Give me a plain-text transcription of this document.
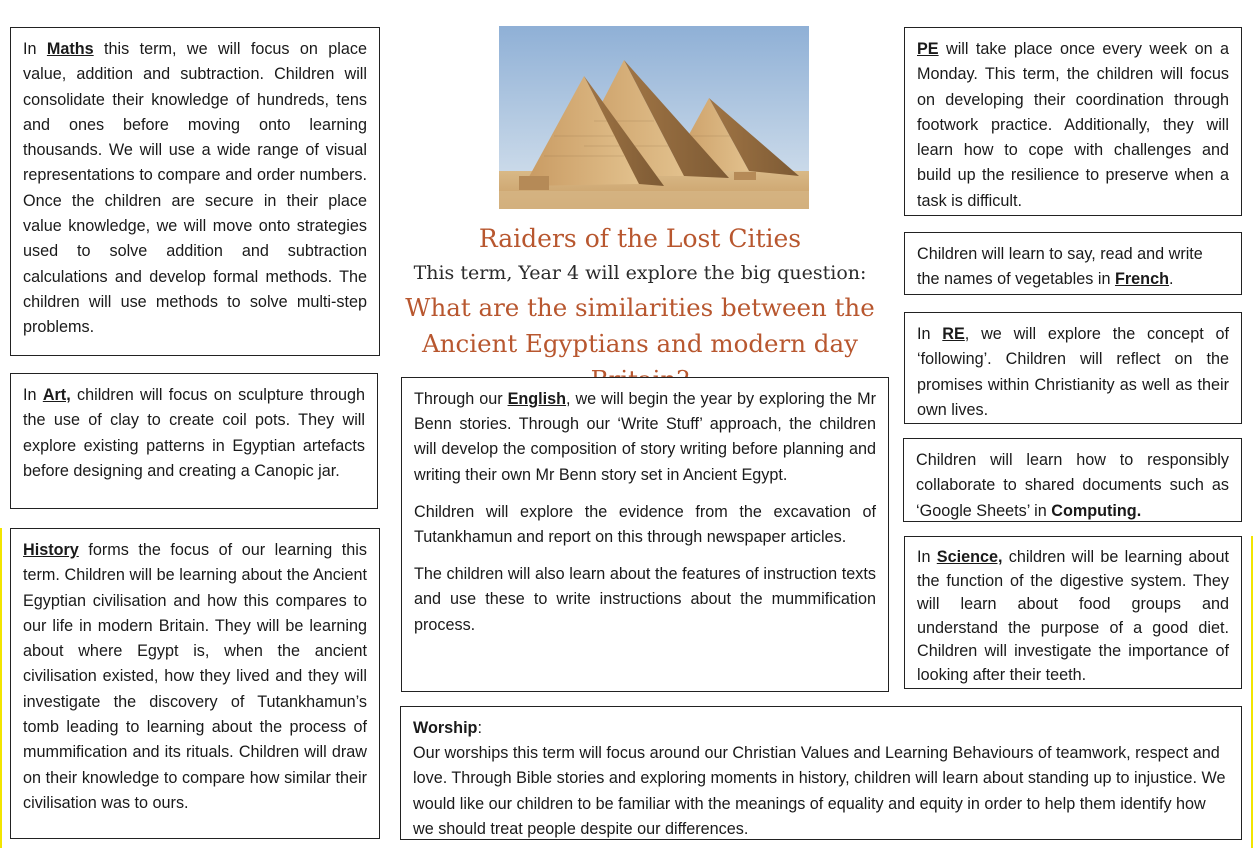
In Maths this term, we will focus on place value, addition and subtraction. Children will consolidate their knowledge of hundreds, tens and ones before moving onto learning thousands. We will use a wide range of visual representations to compare and order numbers. Once the children are secure in their place value knowledge, we will move onto strategies used to solve addition and subtraction calculations and develop formal methods. The children will use methods to solve multi-step problems.

In Art, children will focus on sculpture through the use of clay to create coil pots. They will explore existing patterns in Egyptian artefacts before designing and creating a Canopic jar.

History forms the focus of our learning this term. Children will be learning about the Ancient Egyptian civilisation and how this compares to our life in modern Britain. They will be learning about where Egypt is, when the ancient civilisation existed, how they lived and they will investigate the discovery of Tutankhamun’s tomb leading to learning about the process of mummification and its rituals. Children will draw on their knowledge to compare how similar their civilisation was to ours.

Raiders of the Lost Cities
This term, Year 4 will explore the big question:
What are the similarities between the Ancient Egyptians and modern day

Through our English, we will begin the year by exploring the Mr Benn stories. Through our ‘Write Stuff’ approach, the children will develop the composition of story writing before planning and writing their own Mr Benn story set in Ancient Egypt.

Children will explore the evidence from the excavation of Tutankhamun and report on this through newspaper articles.

The children will also learn about the features of instruction texts and use these to write instructions about the mummification process.

Worship:

Our worships this term will focus around our Christian Values and Learning Behaviours of teamwork, respect and love. Through Bible stories and exploring moments in history, children will learn about standing up to injustice. We would like our children to be familiar with the meanings of equality and equity in order to help them identify how we should treat people despite our differences.

PE will take place once every week on a Monday. This term, the children will focus on developing their coordination through footwork practice. Additionally, they will learn how to cope with challenges and build up the resilience to preserve when a task is difficult.

Children will learn to say, read and write the names of vegetables in French.

In RE, we will explore the concept of ‘following’. Children will reflect on the promises within Christianity as well as their own lives.

Children will learn how to responsibly collaborate to shared documents such as ‘Google Sheets’ in Computing.

In Science, children will be learning about the function of the digestive system. They will learn about food groups and understand the purpose of a good diet. Children will investigate the importance of looking after their teeth.
